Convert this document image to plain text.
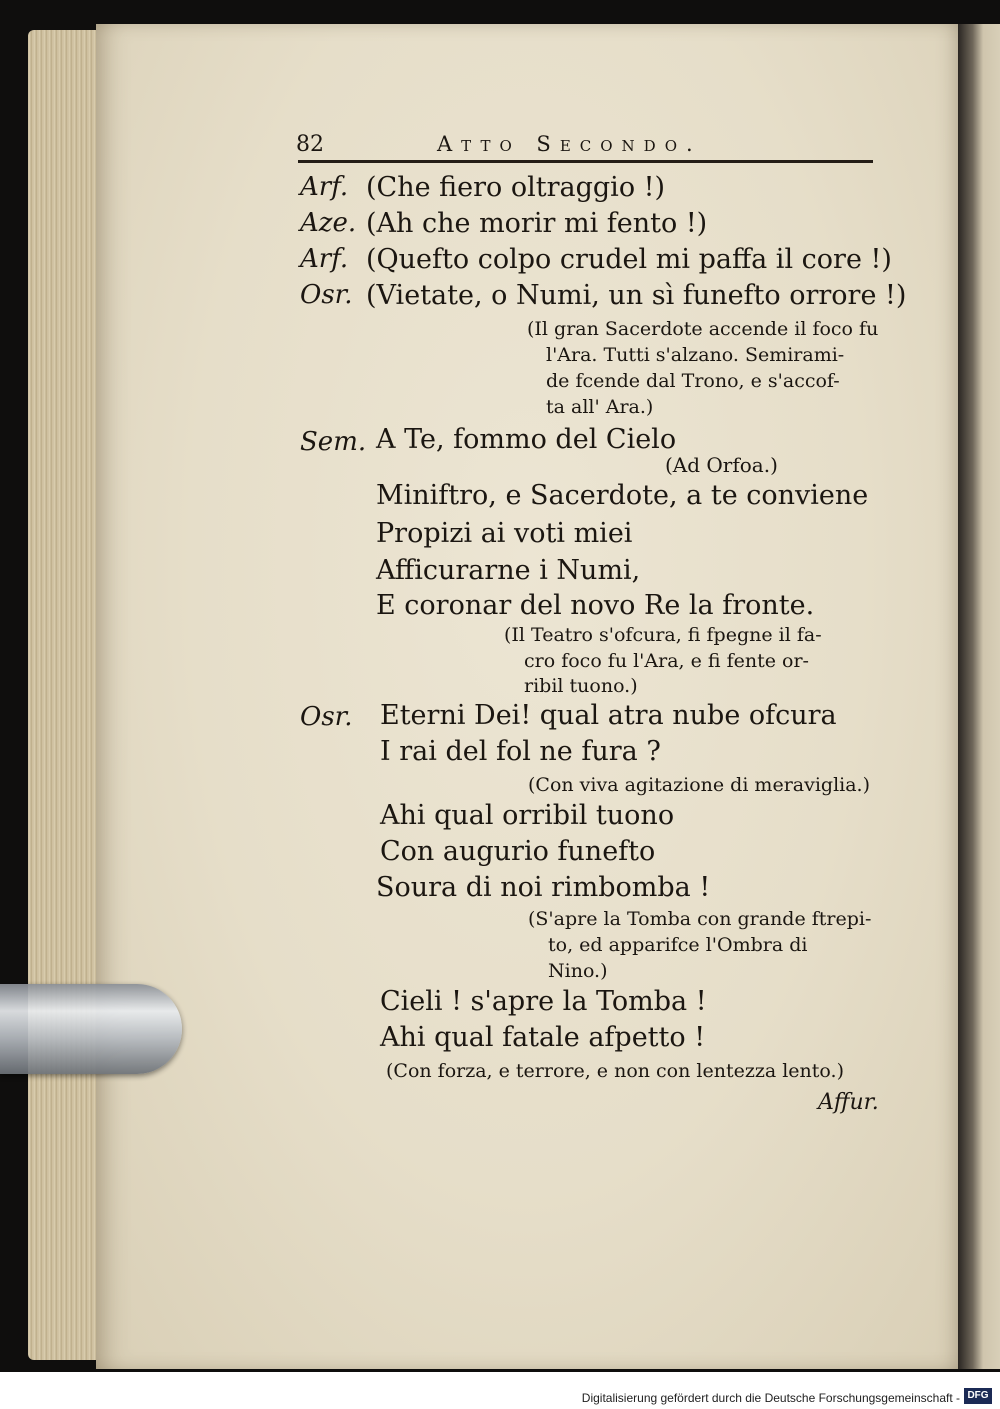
82	Atto Secondo.
Arf. (Che fiero oltraggio !)
Aze. (Ah che morir mi fento !)
Arf. (Quefto colpo crudel mi paffa il core !)
Osr. (Vietate, o Numi, un sì funefto orrore !)
(Il gran Sacerdote accende il foco fu
l'Ara. Tutti s'alzano. Semirami-
de fcende dal Trono, e s'accof-
ta all' Ara.)
Sem. A Te, fommo del Cielo
(Ad Orfoa.)
Miniftro, e Sacerdote, a te conviene
Propizi ai voti miei
Afficurarne i Numi,
E coronar del novo Re la fronte.
(Il Teatro s'ofcura, fi fpegne il fa-
cro foco fu l'Ara, e fi fente or-
ribil tuono.)
Osr. Eterni Dei! qual atra nube ofcura
I rai del fol ne fura ?
(Con viva agitazione di meraviglia.)
Ahi qual orribil tuono
Con augurio funefto
Soura di noi rimbomba !
(S'apre la Tomba con grande ftrepi-
to, ed apparifce l'Ombra di
Nino.)
Cieli ! s'apre la Tomba !
Ahi qual fatale afpetto !
(Con forza, e terrore, e non con lentezza lento.)
Affur.
Digitalisierung gefördert durch die Deutsche Forschungsgemeinschaft - DFG
